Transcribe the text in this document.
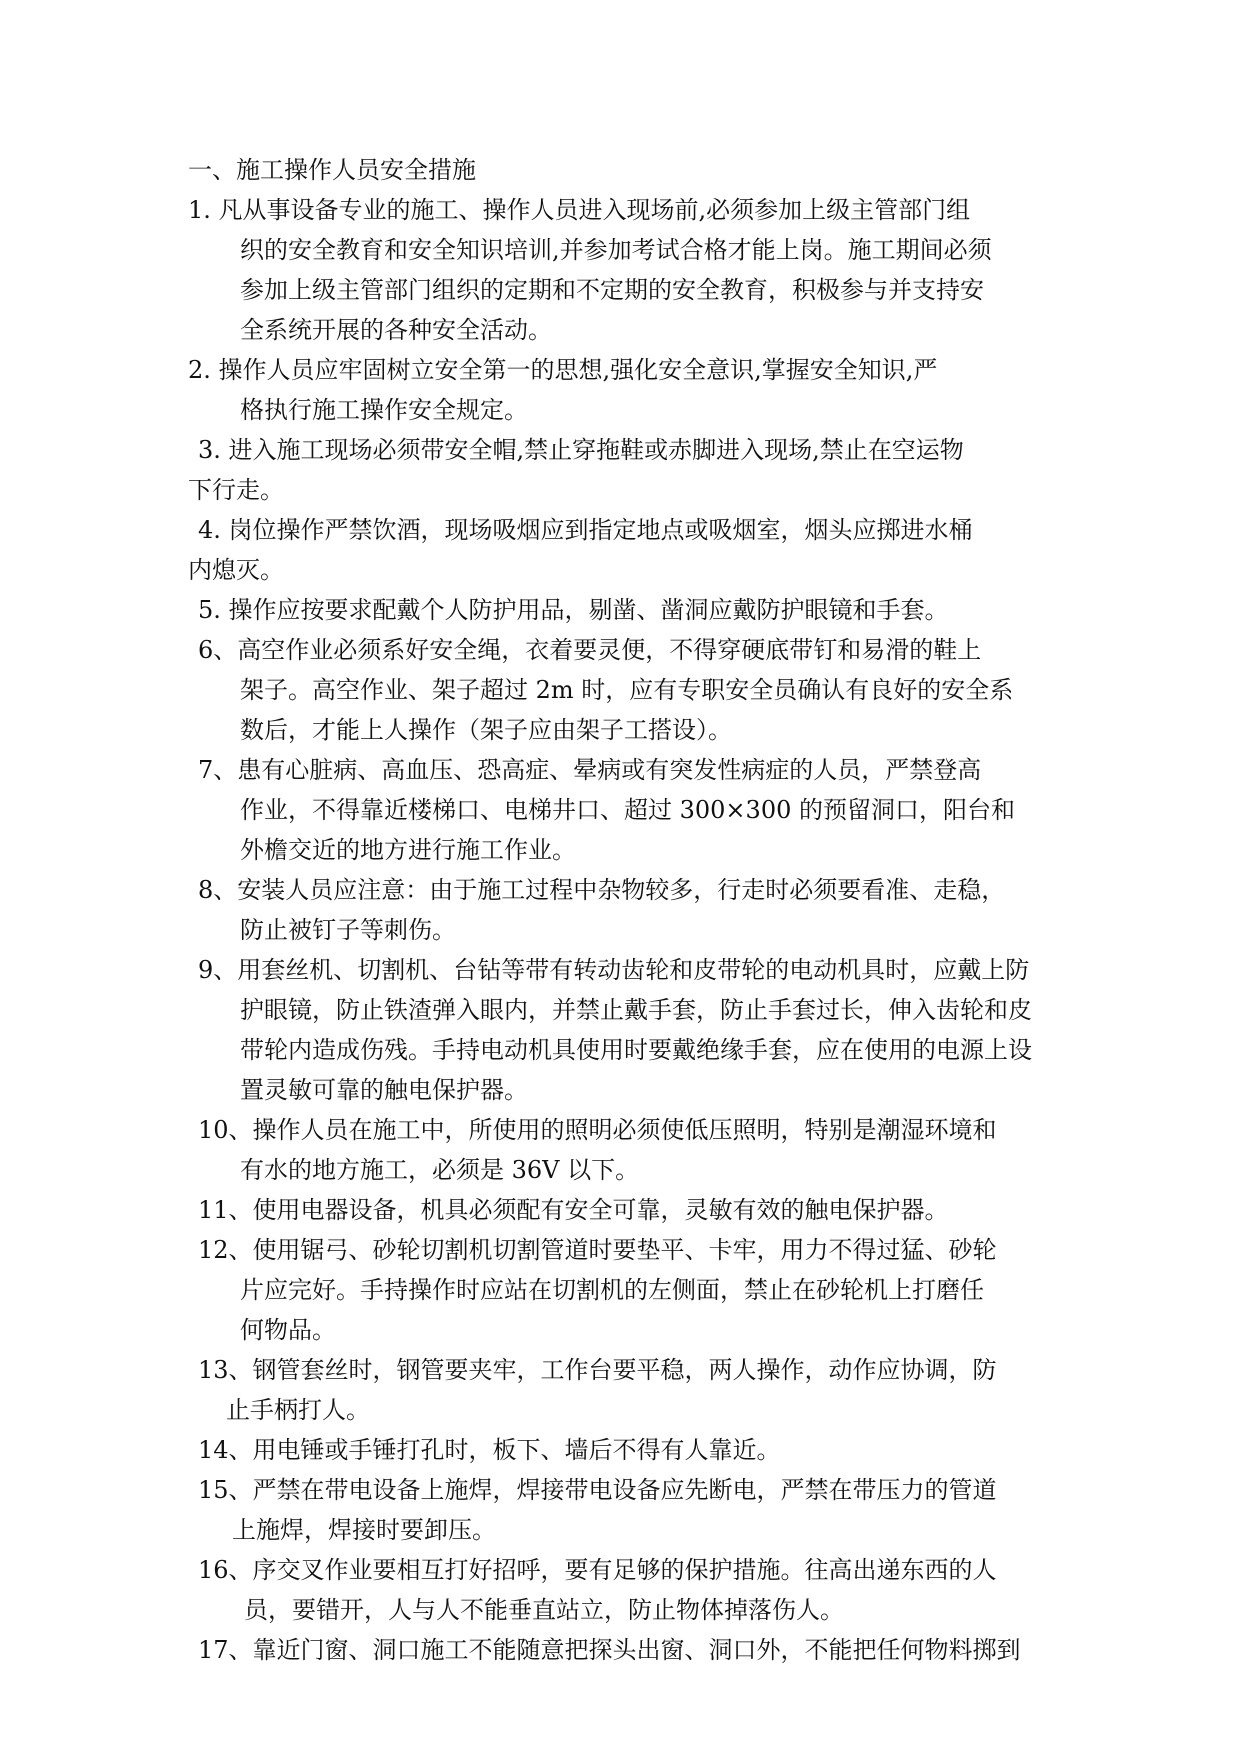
一、施工操作人员安全措施
1. 凡从事设备专业的施工、操作人员进入现场前,必须参加上级主管部门组
织的安全教育和安全知识培训,并参加考试合格才能上岗。施工期间必须
参加上级主管部门组织的定期和不定期的安全教育，积极参与并支持安
全系统开展的各种安全活动。
2. 操作人员应牢固树立安全第一的思想,强化安全意识,掌握安全知识,严
格执行施工操作安全规定。
3. 进入施工现场必须带安全帽,禁止穿拖鞋或赤脚进入现场,禁止在空运物
下行走。
4. 岗位操作严禁饮酒，现场吸烟应到指定地点或吸烟室，烟头应掷进水桶
内熄灭。
5. 操作应按要求配戴个人防护用品，剔凿、凿洞应戴防护眼镜和手套。
6、高空作业必须系好安全绳，衣着要灵便，不得穿硬底带钉和易滑的鞋上
架子。高空作业、架子超过 2m 时，应有专职安全员确认有良好的安全系
数后，才能上人操作（架子应由架子工搭设）。
7、患有心脏病、高血压、恐高症、晕病或有突发性病症的人员，严禁登高
作业，不得靠近楼梯口、电梯井口、超过 300×300 的预留洞口，阳台和
外檐交近的地方进行施工作业。
8、安装人员应注意：由于施工过程中杂物较多，行走时必须要看准、走稳，
防止被钉子等刺伤。
9、用套丝机、切割机、台钻等带有转动齿轮和皮带轮的电动机具时，应戴上防
护眼镜，防止铁渣弹入眼内，并禁止戴手套，防止手套过长，伸入齿轮和皮
带轮内造成伤残。手持电动机具使用时要戴绝缘手套，应在使用的电源上设
置灵敏可靠的触电保护器。
10、操作人员在施工中，所使用的照明必须使低压照明，特别是潮湿环境和
有水的地方施工，必须是 36V 以下。
11、使用电器设备，机具必须配有安全可靠，灵敏有效的触电保护器。
12、使用锯弓、砂轮切割机切割管道时要垫平、卡牢，用力不得过猛、砂轮
片应完好。手持操作时应站在切割机的左侧面，禁止在砂轮机上打磨任
何物品。
13、钢管套丝时，钢管要夹牢，工作台要平稳，两人操作，动作应协调，防
止手柄打人。
14、用电锤或手锤打孔时，板下、墙后不得有人靠近。
15、严禁在带电设备上施焊，焊接带电设备应先断电，严禁在带压力的管道
上施焊，焊接时要卸压。
16、序交叉作业要相互打好招呼，要有足够的保护措施。往高出递东西的人
员，要错开，人与人不能垂直站立，防止物体掉落伤人。
17、靠近门窗、洞口施工不能随意把探头出窗、洞口外，不能把任何物料掷到
